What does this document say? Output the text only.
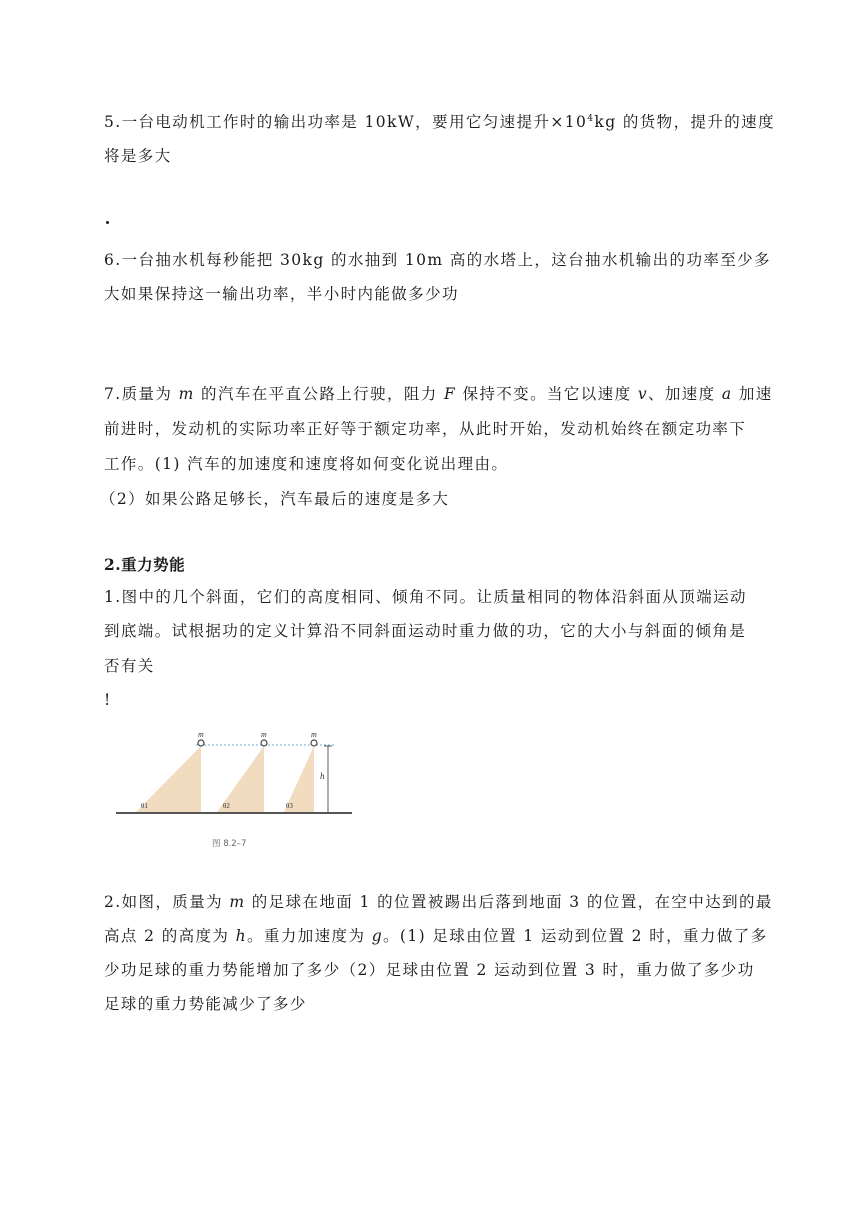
5.一台电动机工作时的输出功率是 10kW，要用它匀速提升$\times 10^4kg$ 的货物，提升的速度
将是多大
6.一台抽水机每秒能把 30kg 的水抽到 10m 高的水塔上，这台抽水机输出的功率至少多
大如果保持这一输出功率，半小时内能做多少功
7.质量为 m 的汽车在平直公路上行驶，阻力 F 保持不变。当它以速度 v、加速度 a 加速
前进时，发动机的实际功率正好等于额定功率，从此时开始，发动机始终在额定功率下
工作。(1) 汽车的加速度和速度将如何变化说出理由。
（2）如果公路足够长，汽车最后的速度是多大
2.重力势能
1.图中的几个斜面，它们的高度相同、倾角不同。让质量相同的物体沿斜面从顶端运动
到底端。试根据功的定义计算沿不同斜面运动时重力做的功，它的大小与斜面的倾角是
否有关
!
m	m	m
h
θ1	θ2	θ3
图 8.2–7
2.如图，质量为 m 的足球在地面 1 的位置被踢出后落到地面 3 的位置，在空中达到的最
高点 2 的高度为 h。重力加速度为 g。(1) 足球由位置 1 运动到位置 2 时，重力做了多
少功足球的重力势能增加了多少（2）足球由位置 2 运动到位置 3 时，重力做了多少功
足球的重力势能减少了多少
